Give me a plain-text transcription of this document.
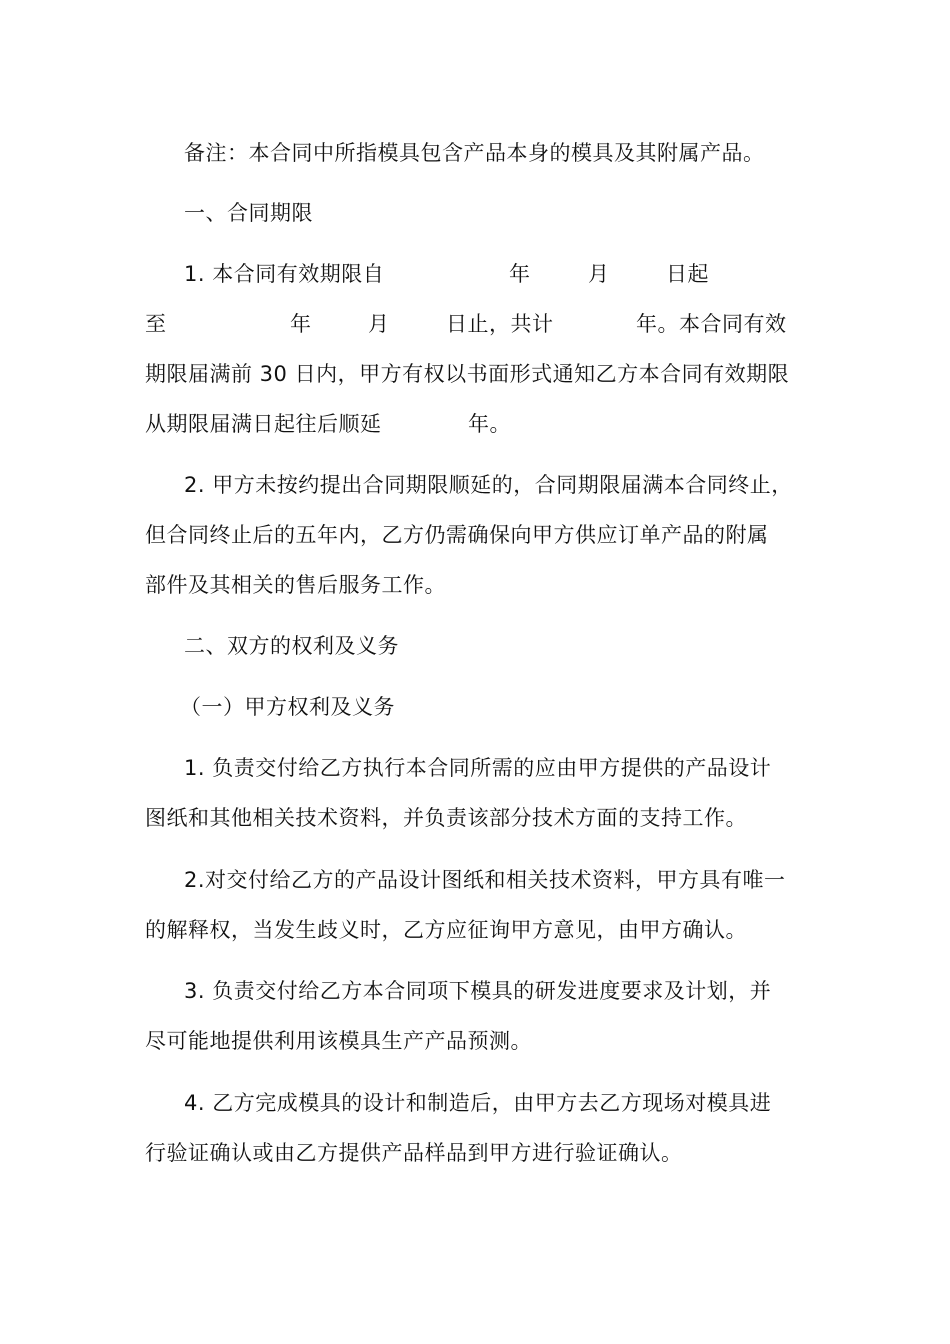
备注：本合同中所指模具包含产品本身的模具及其附属产品。
一、合同期限

1. 本合同有效期限自

	年

	月

	日起

至

	年

	月

	日止，共计

	年。本合同有效

期限届满前 30 日内，甲方有权以书面形式通知乙方本合同有效期限

从期限届满日起往后顺延

	年。

2. 甲方未按约提出合同期限顺延的，合同期限届满本合同终止，
但合同终止后的五年内，乙方仍需确保向甲方供应订单产品的附属
部件及其相关的售后服务工作。
二、双方的权利及义务
（一）甲方权利及义务
1. 负责交付给乙方执行本合同所需的应由甲方提供的产品设计
图纸和其他相关技术资料，并负责该部分技术方面的支持工作。
2.对交付给乙方的产品设计图纸和相关技术资料，甲方具有唯一
的解释权，当发生歧义时，乙方应征询甲方意见，由甲方确认。
3. 负责交付给乙方本合同项下模具的研发进度要求及计划，并
尽可能地提供利用该模具生产产品预测。
4. 乙方完成模具的设计和制造后，由甲方去乙方现场对模具进
行验证确认或由乙方提供产品样品到甲方进行验证确认。
